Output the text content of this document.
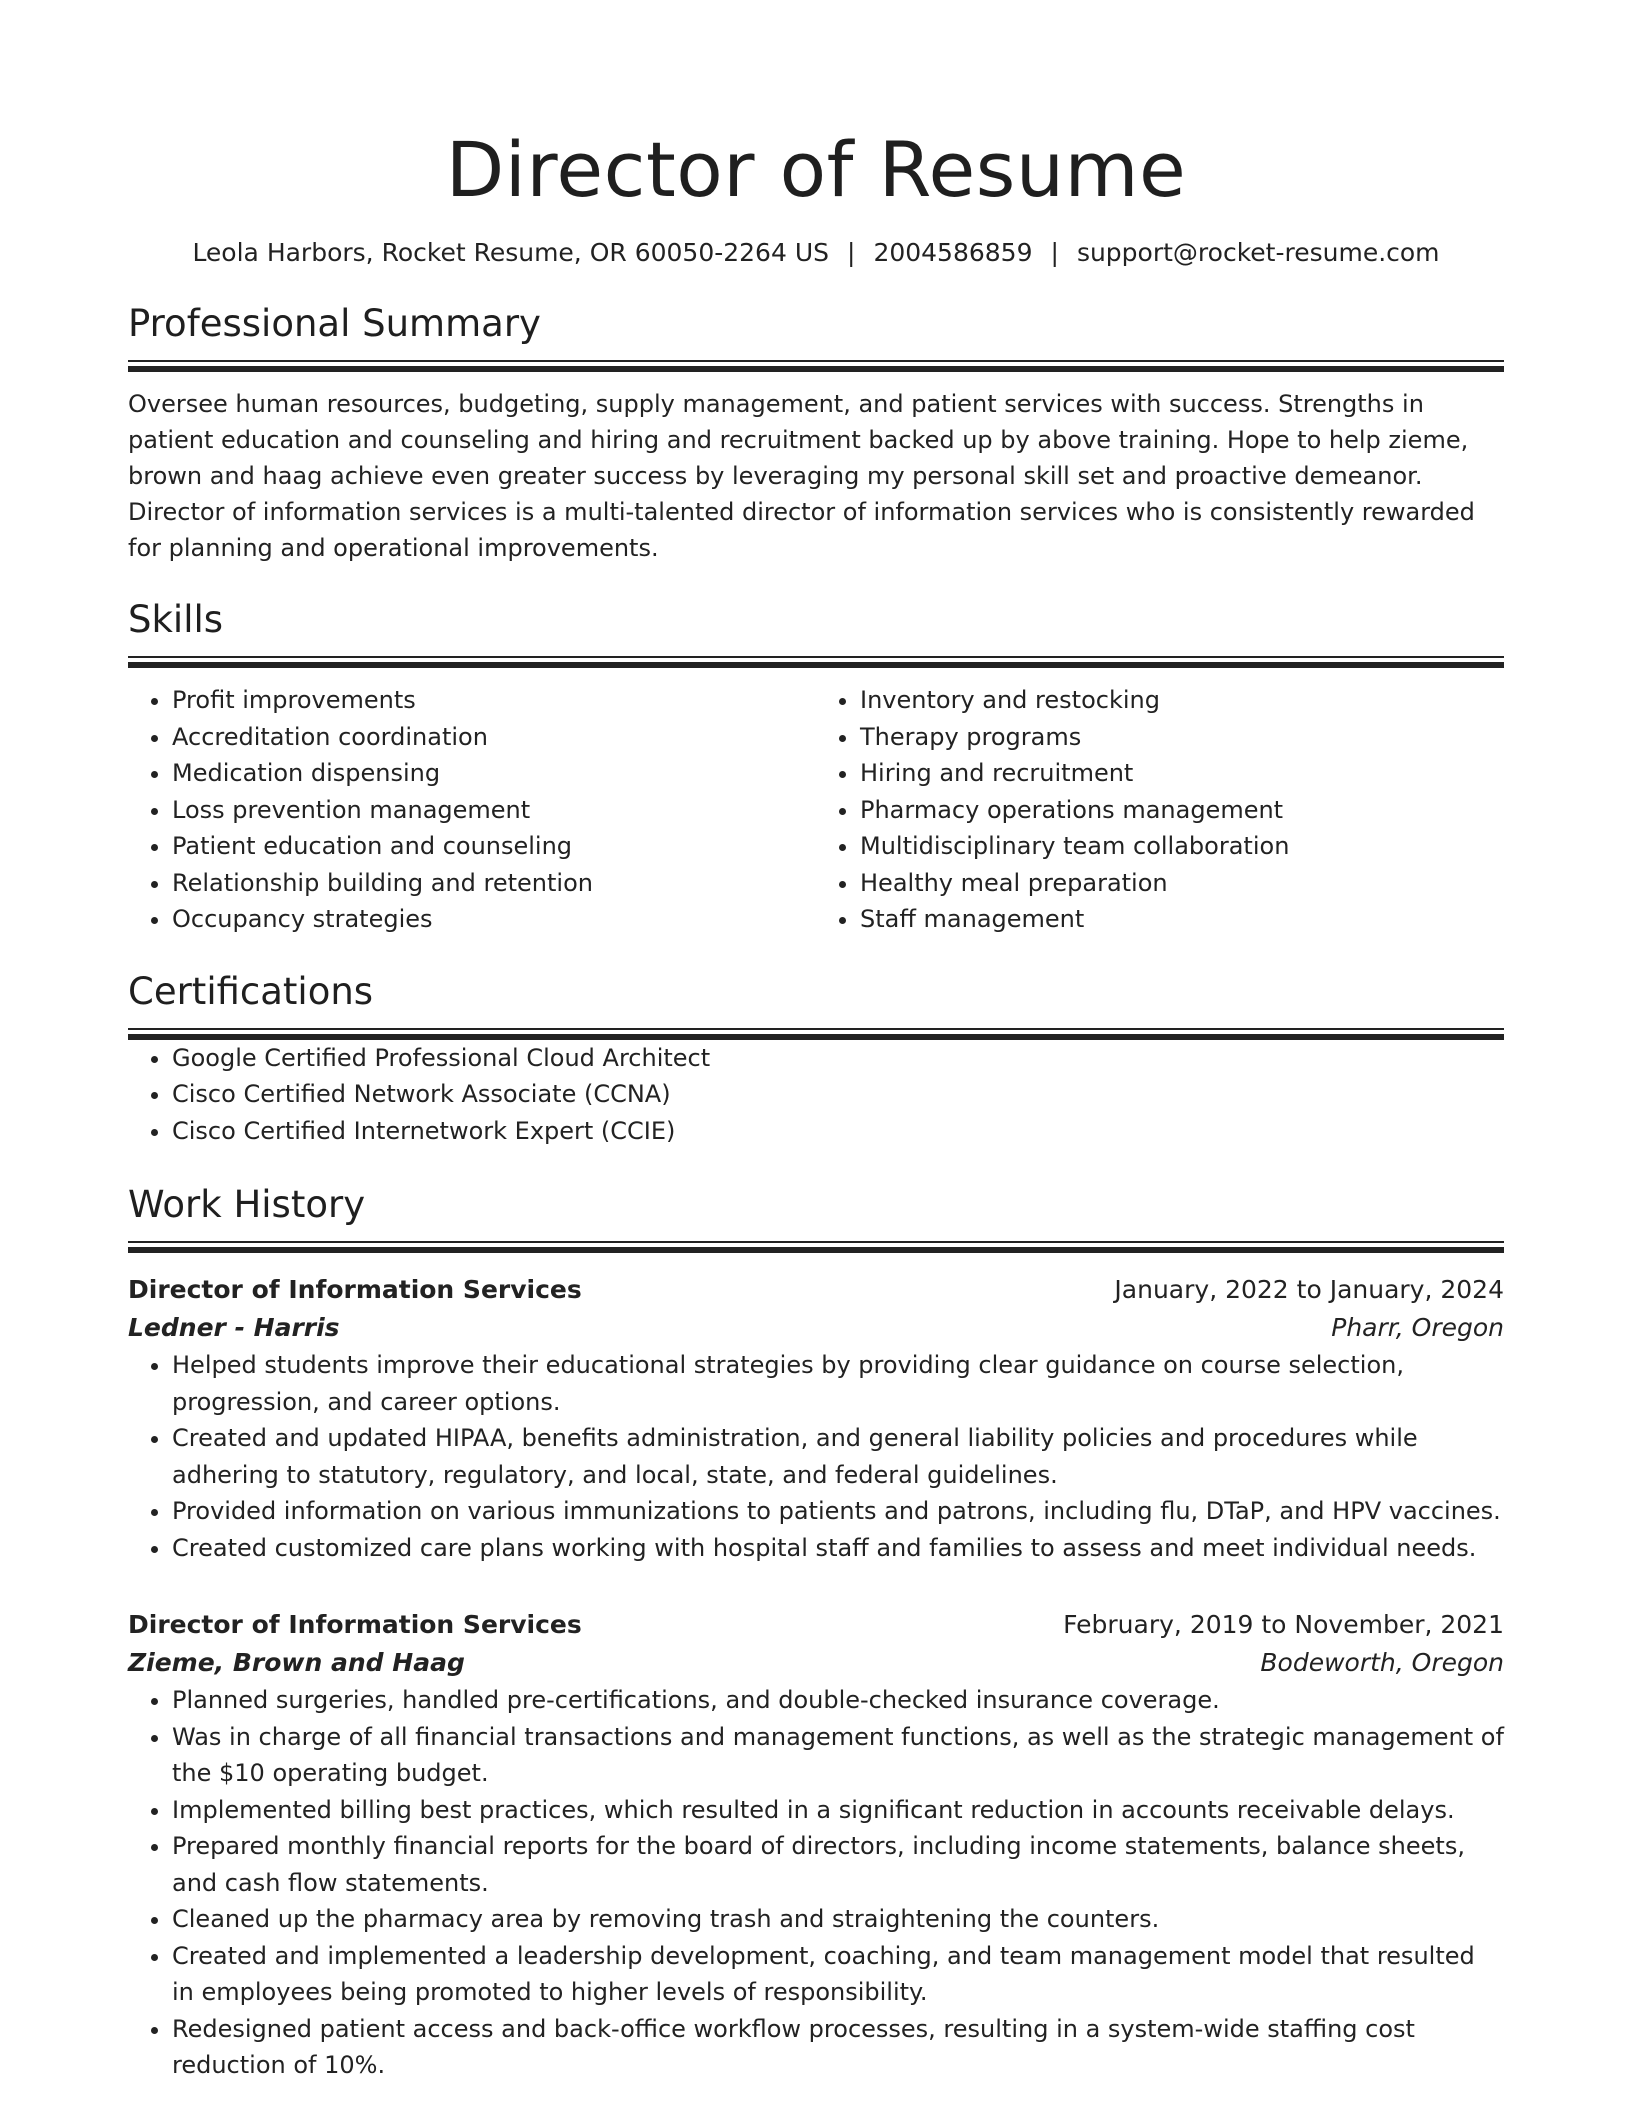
Director of Resume
Leola Harbors, Rocket Resume, OR 60050-2264 US | 2004586859 | support@rocket-resume.com
Professional Summary

Oversee human resources, budgeting, supply management, and patient services with success. Strengths in patient education and counseling and hiring and recruitment backed up by above training. Hope to help zieme, brown and haag achieve even greater success by leveraging my personal skill set and proactive demeanor. Director of information services is a multi-talented director of information services who is consistently rewarded for planning and operational improvements.

Skills
• Profit improvements
• Accreditation coordination
• Medication dispensing
• Loss prevention management
• Patient education and counseling
• Relationship building and retention
• Occupancy strategies
• Inventory and restocking
• Therapy programs
• Hiring and recruitment
• Pharmacy operations management
• Multidisciplinary team collaboration
• Healthy meal preparation
• Staff management
Certifications
• Google Certified Professional Cloud Architect
• Cisco Certified Network Associate (CCNA)
• Cisco Certified Internetwork Expert (CCIE)
Work History
Director of Information Services	January, 2022 to January, 2024
Ledner - Harris	Pharr, Oregon
• Helped students improve their educational strategies by providing clear guidance on course selection, progression, and career options.
• Created and updated HIPAA, benefits administration, and general liability policies and procedures while adhering to statutory, regulatory, and local, state, and federal guidelines.
• Provided information on various immunizations to patients and patrons, including flu, DTaP, and HPV vaccines.
• Created customized care plans working with hospital staff and families to assess and meet individual needs.
Director of Information Services	February, 2019 to November, 2021
Zieme, Brown and Haag	Bodeworth, Oregon
• Planned surgeries, handled pre-certifications, and double-checked insurance coverage.
• Was in charge of all financial transactions and management functions, as well as the strategic management of the $10 operating budget.
• Implemented billing best practices, which resulted in a significant reduction in accounts receivable delays.
• Prepared monthly financial reports for the board of directors, including income statements, balance sheets, and cash flow statements.
• Cleaned up the pharmacy area by removing trash and straightening the counters.
• Created and implemented a leadership development, coaching, and team management model that resulted in employees being promoted to higher levels of responsibility.
• Redesigned patient access and back-office workflow processes, resulting in a system-wide staffing cost reduction of 10%.
